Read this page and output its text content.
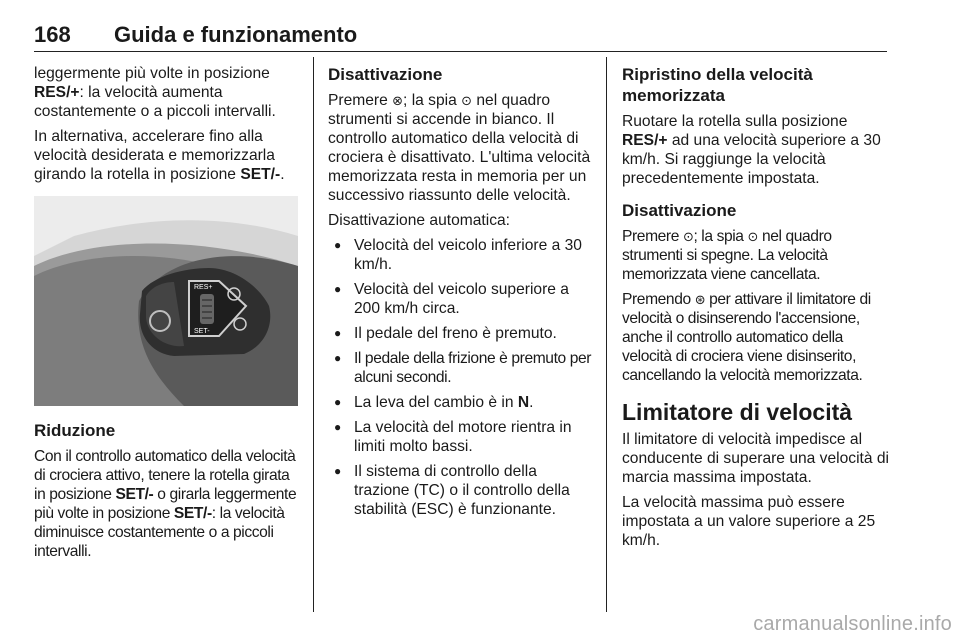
168 Guida e funzionamento

leggermente più volte in posizione RES/+: la velocità aumenta costantemente o a piccoli intervalli.

In alternativa, accelerare fino alla velocità desiderata e memorizzarla girando la rotella in posizione SET/-.

RES+
SET-
Riduzione

Con il controllo automatico della velocità di crociera attivo, tenere la rotella girata in posizione SET/- o girarla leggermente più volte in posizione SET/-: la velocità diminuisce costantemente o a piccoli intervalli.

Disattivazione

Premere ⊗; la spia ⊙ nel quadro strumenti si accende in bianco. Il controllo automatico della velocità di crociera è disattivato. L'ultima velocità memorizzata resta in memoria per un successivo riassunto delle velocità.

Disattivazione automatica:

● Velocità del veicolo inferiore a 30 km/h.
● Velocità del veicolo superiore a 200 km/h circa.
● Il pedale del freno è premuto.
● Il pedale della frizione è premuto per alcuni secondi.
● La leva del cambio è in N.
● La velocità del motore rientra in limiti molto bassi.
● Il sistema di controllo della trazione (TC) o il controllo della stabilità (ESC) è funzionante.
Ripristino della velocità memorizzata

Ruotare la rotella sulla posizione RES/+ ad una velocità superiore a 30 km/h. Si raggiunge la velocità precedentemente impostata.

Disattivazione

Premere ⊙; la spia ⊙ nel quadro strumenti si spegne. La velocità memorizzata viene cancellata.

Premendo ⊛ per attivare il limitatore di velocità o disinserendo l'accensione, anche il controllo automatico della velocità di crociera viene disinserito, cancellando la velocità memorizzata.

Limitatore di velocità

Il limitatore di velocità impedisce al conducente di superare una velocità di marcia massima impostata.

La velocità massima può essere impostata a un valore superiore a 25 km/h.

carmanualsonline.info
